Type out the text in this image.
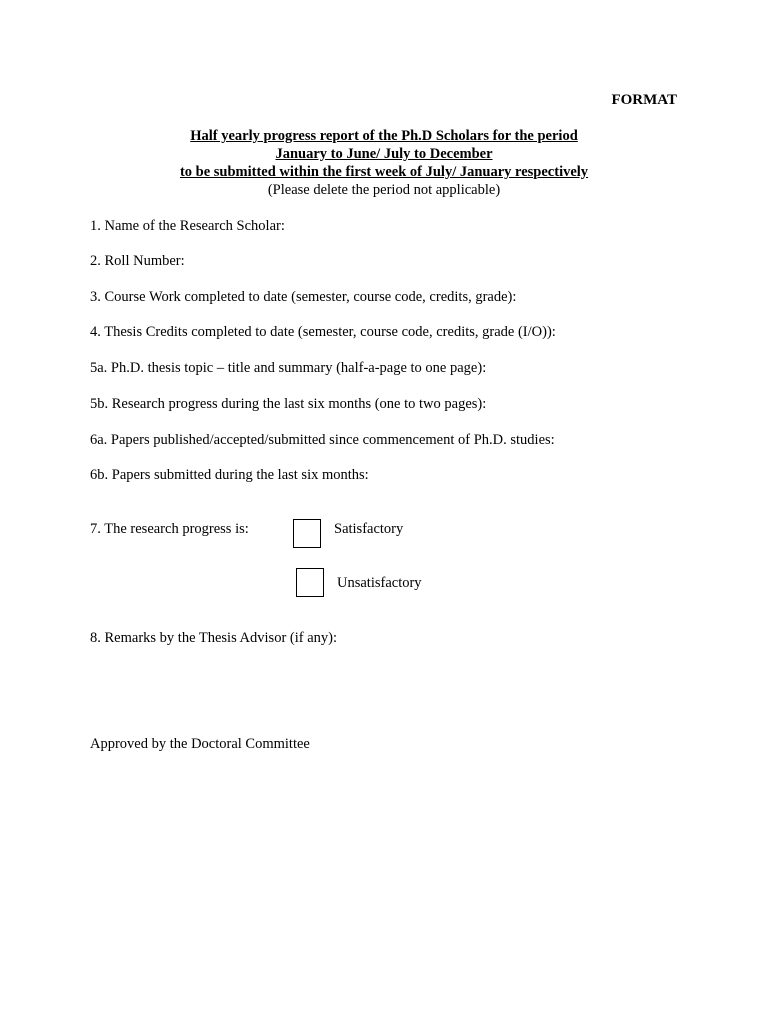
FORMAT
Half yearly progress report of the Ph.D Scholars for the period
January to June/ July to December
to be submitted within the first week of July/ January respectively
(Please delete the period not applicable)
1. Name of the Research Scholar:
2. Roll Number:
3. Course Work completed to date (semester, course code, credits, grade):
4. Thesis Credits completed to date (semester, course code, credits, grade (I/O)):
5a. Ph.D. thesis topic – title and summary (half-a-page to one page):
5b. Research progress during the last six months (one to two pages):
6a. Papers published/accepted/submitted since commencement of Ph.D. studies:
6b. Papers submitted during the last six months:
7. The research progress is:	Satisfactory
Unsatisfactory
8. Remarks by the Thesis Advisor (if any):
Approved by the Doctoral Committee
